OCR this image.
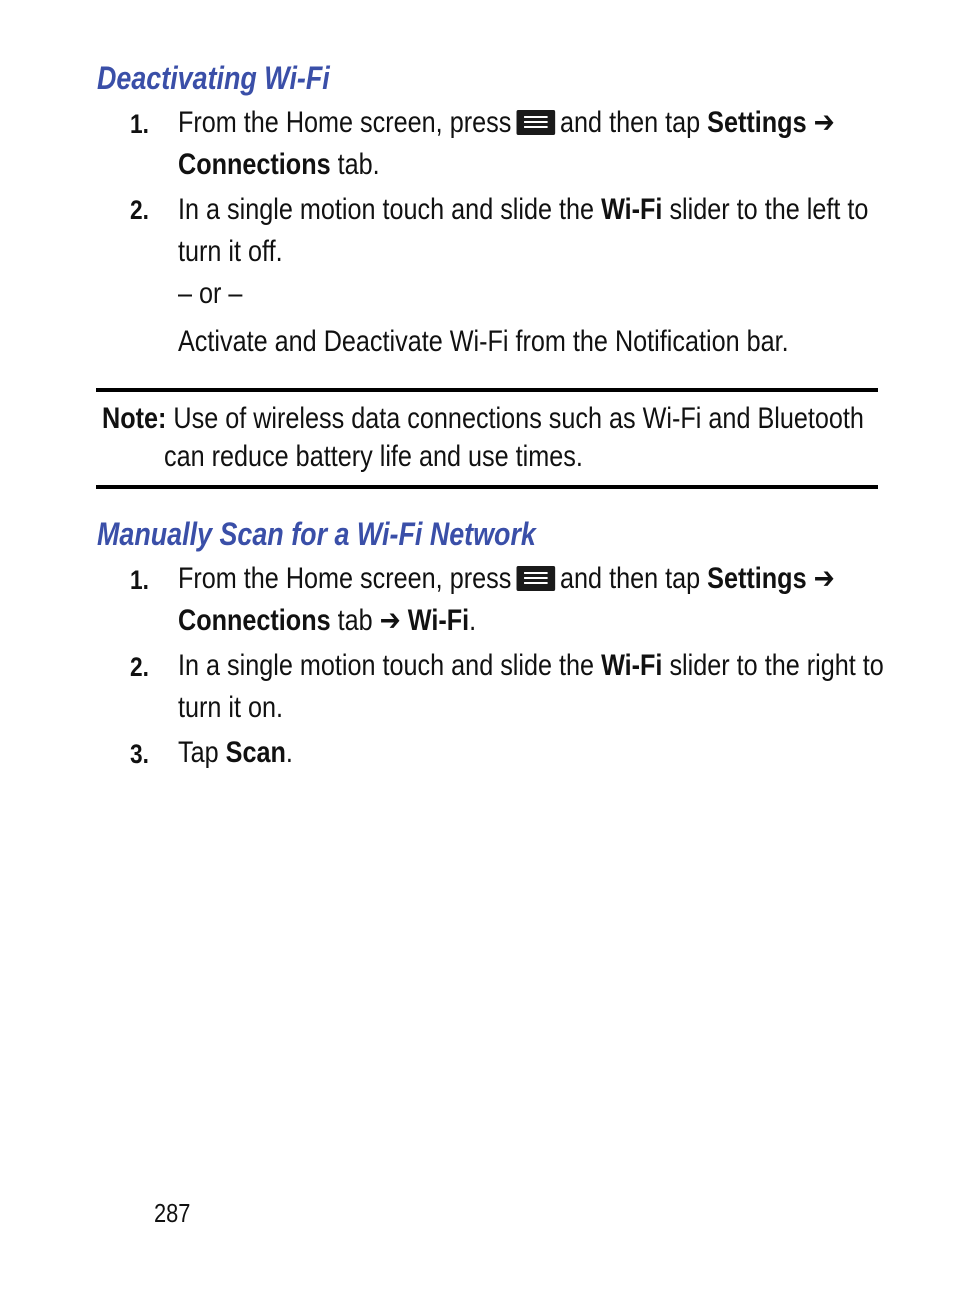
Deactivating Wi-Fi
1. From the Home screen, press and then tap Settings ➔
Connections tab.
2. In a single motion touch and slide the Wi-Fi slider to the left to
turn it off.
– or –
Activate and Deactivate Wi-Fi from the Notification bar.
Note: Use of wireless data connections such as Wi-Fi and Bluetooth
can reduce battery life and use times.
Manually Scan for a Wi-Fi Network
1. From the Home screen, press and then tap Settings ➔
Connections tab ➔ Wi-Fi.
2. In a single motion touch and slide the Wi-Fi slider to the right to
turn it on.
3. Tap Scan.
287
